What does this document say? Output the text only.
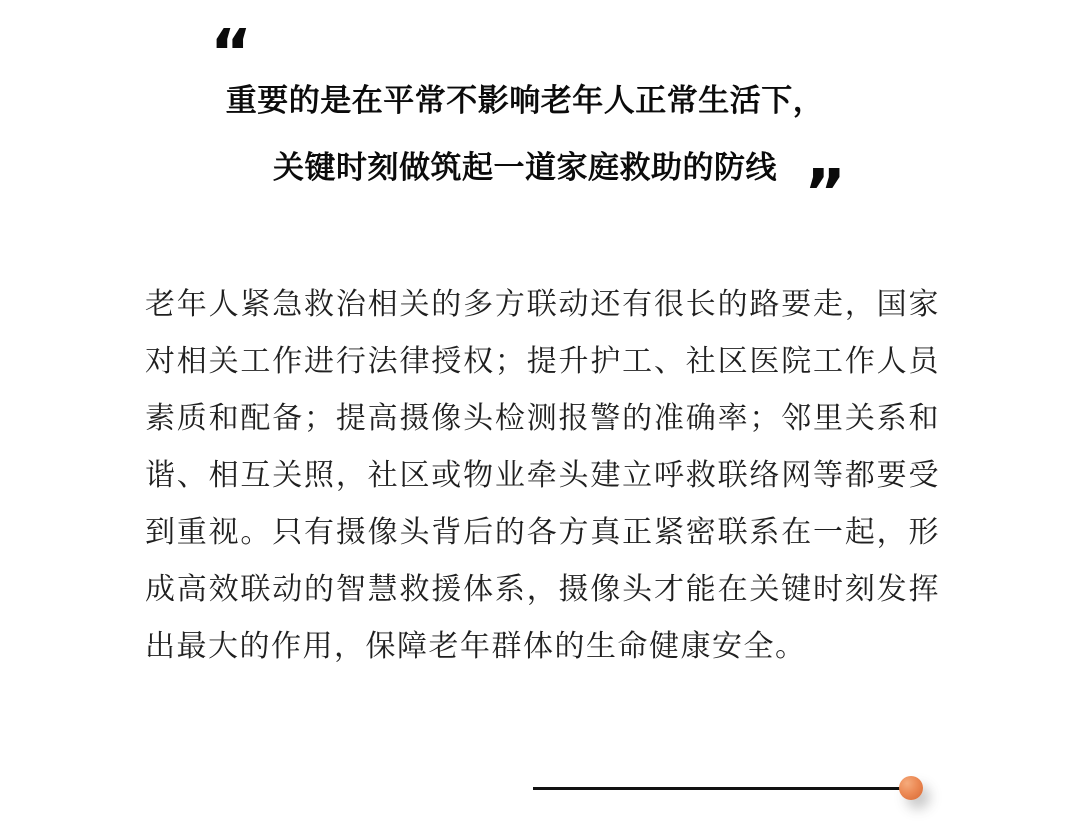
“
重要的是在平常不影响老年人正常生活下，
关键时刻做筑起一道家庭救助的防线 ”

老年人紧急救治相关的多方联动还有很长的路要走，国家对相关工作进行法律授权；提升护工、社区医院工作人员素质和配备；提高摄像头检测报警的准确率；邻里关系和谐、相互关照，社区或物业牵头建立呼救联络网等都要受到重视。只有摄像头背后的各方真正紧密联系在一起，形成高效联动的智慧救援体系，摄像头才能在关键时刻发挥出最大的作用，保障老年群体的生命健康安全。
